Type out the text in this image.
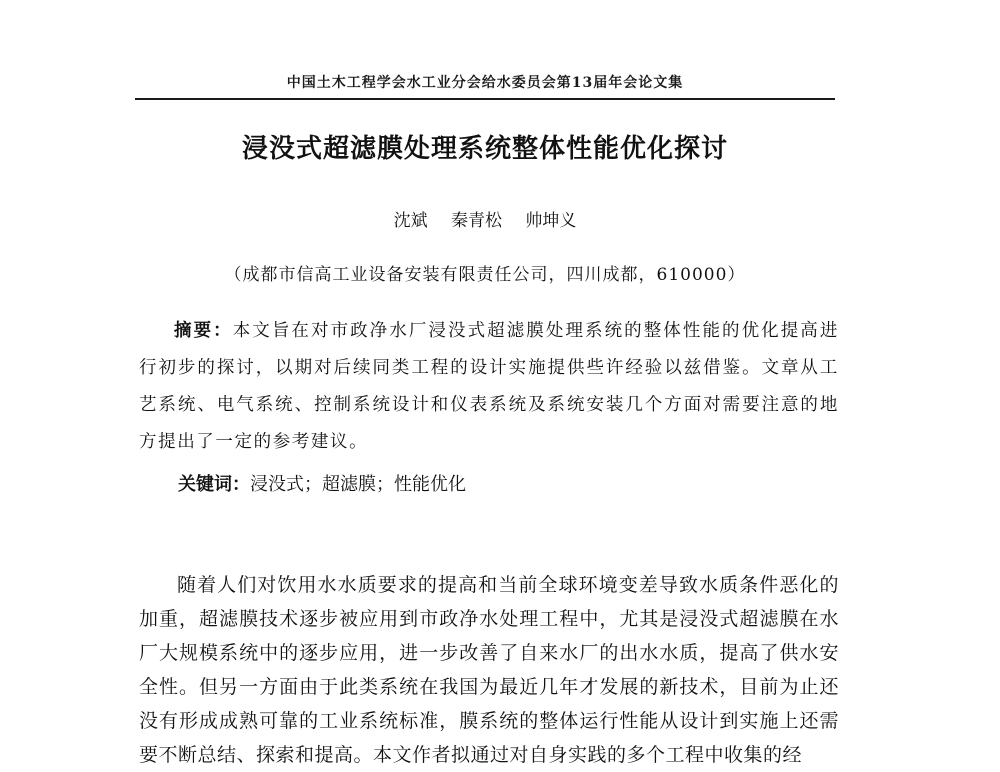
中国土木工程学会水工业分会给水委员会第13届年会论文集
浸没式超滤膜处理系统整体性能优化探讨
沈斌 秦青松 帅坤义
（成都市信高工业设备安装有限责任公司，四川成都，610000）
摘要：本文旨在对市政净水厂浸没式超滤膜处理系统的整体性能的优化提高进行初步的探讨，以期对后续同类工程的设计实施提供些许经验以兹借鉴。文章从工艺系统、电气系统、控制系统设计和仪表系统及系统安装几个方面对需要注意的地方提出了一定的参考建议。
关键词：浸没式；超滤膜；性能优化
随着人们对饮用水水质要求的提高和当前全球环境变差导致水质条件恶化的加重，超滤膜技术逐步被应用到市政净水处理工程中，尤其是浸没式超滤膜在水厂大规模系统中的逐步应用，进一步改善了自来水厂的出水水质，提高了供水安全性。但另一方面由于此类系统在我国为最近几年才发展的新技术，目前为止还没有形成成熟可靠的工业系统标准，膜系统的整体运行性能从设计到实施上还需要不断总结、探索和提高。本文作者拟通过对自身实践的多个工程中收集的经
